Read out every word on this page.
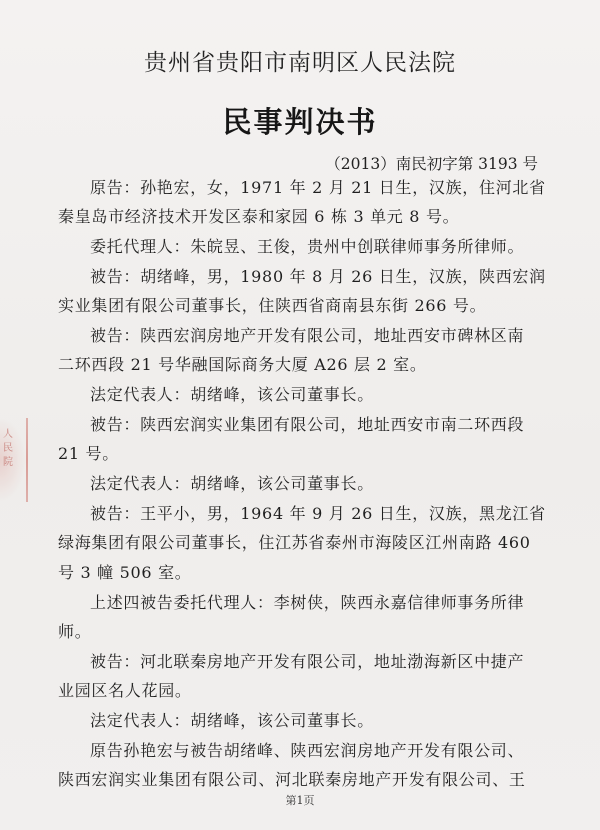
贵州省贵阳市南明区人民法院
民事判决书
（2013）南民初字第 3193 号
原告：孙艳宏，女，1971 年 2 月 21 日生，汉族，住河北省
秦皇岛市经济技术开发区泰和家园 6 栋 3 单元 8 号。
委托代理人：朱皖昱、王俊，贵州中创联律师事务所律师。
被告：胡绪峰，男，1980 年 8 月 26 日生，汉族，陕西宏润
实业集团有限公司董事长，住陕西省商南县东街 266 号。
被告：陕西宏润房地产开发有限公司，地址西安市碑林区南
二环西段 21 号华融国际商务大厦 A26 层 2 室。
法定代表人：胡绪峰，该公司董事长。
被告：陕西宏润实业集团有限公司，地址西安市南二环西段
21 号。
法定代表人：胡绪峰，该公司董事长。
被告：王平小，男，1964 年 9 月 26 日生，汉族，黑龙江省
绿海集团有限公司董事长，住江苏省泰州市海陵区江州南路 460
号 3 幢 506 室。
上述四被告委托代理人：李树侠，陕西永嘉信律师事务所律
师。
被告：河北联秦房地产开发有限公司，地址渤海新区中捷产
业园区名人花园。
法定代表人：胡绪峰，该公司董事长。
原告孙艳宏与被告胡绪峰、陕西宏润房地产开发有限公司、
陕西宏润实业集团有限公司、河北联秦房地产开发有限公司、王
人
民
院
第1页
